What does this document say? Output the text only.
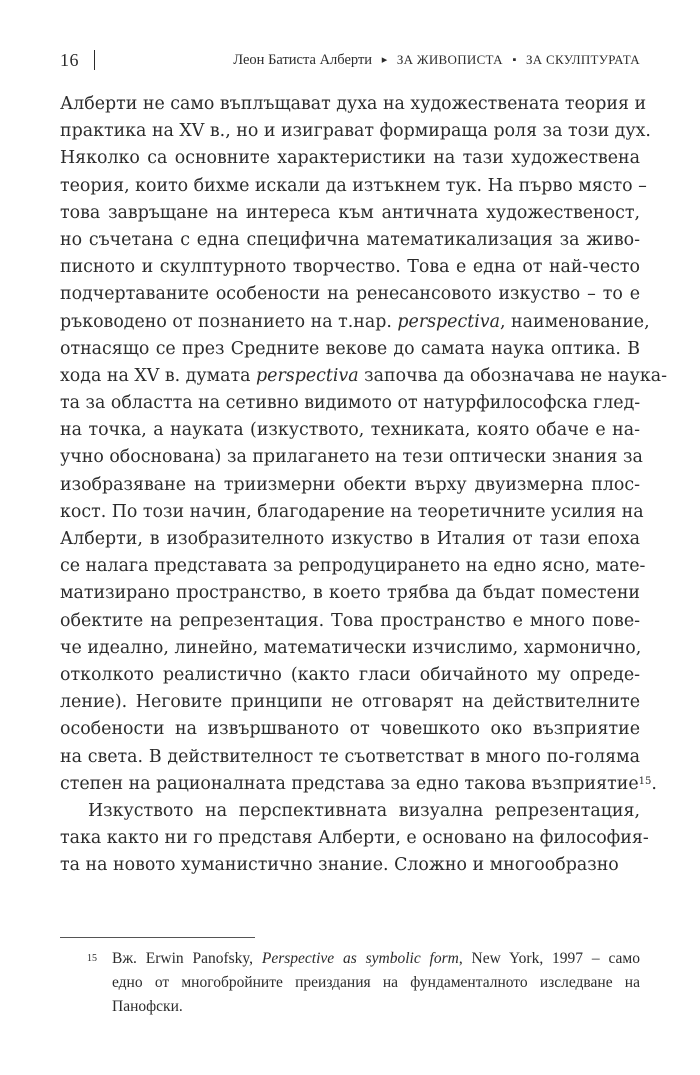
16	Леон Батиста Алберти ▸ ЗА ЖИВОПИСТА ▪ ЗА СКУЛПТУРАТА

Алберти не само въплъщават духа на художествената теория и
практика на XV в., но и изиграват формираща роля за този дух.
Няколко са основните характеристики на тази художествена
теория, които бихме искали да изтъкнем тук. На първо място –
това завръщане на интереса към античната художественост,
но съчетана с една специфична математикализация за живо-
писното и скулптурното творчество. Това е една от най-често
подчертаваните особености на ренесансовото изкуство – то е
ръководено от познанието на т.нар. perspectiva, наименование,
отнасящо се през Средните векове до самата наука оптика. В
хода на XV в. думата perspectiva започва да обозначава не наука-
та за областта на сетивно видимото от натурфилософска глед-
на точка, а науката (изкуството, техниката, която обаче е на-
учно обоснована) за прилагането на тези оптически знания за
изобразяване на триизмерни обекти върху двуизмерна плос-
кост. По този начин, благодарение на теоретичните усилия на
Алберти, в изобразителното изкуство в Италия от тази епоха
се налага представата за репродуцирането на едно ясно, мате-
матизирано пространство, в което трябва да бъдат поместени
обектите на репрезентация. Това пространство е много пове-
че идеално, линейно, математически изчислимо, хармонично,
отколкото реалистично (както гласи обичайното му опреде-
ление). Неговите принципи не отговарят на действителните
особености на извършваното от човешкото око възприятие
на света. В действителност те съответстват в много по-голяма
степен на рационалната представа за едно такова възприятие$^{15}$.

Изкуството на перспективната визуална репрезентация,
така както ни го представя Алберти, е основано на философия-
та на новото хуманистично знание. Сложно и многообразно

15 Вж. Erwin Panofsky, Perspective as symbolic form, New York, 1997 – само
едно от многобройните преиздания на фундаменталното изследване на
Панофски.
